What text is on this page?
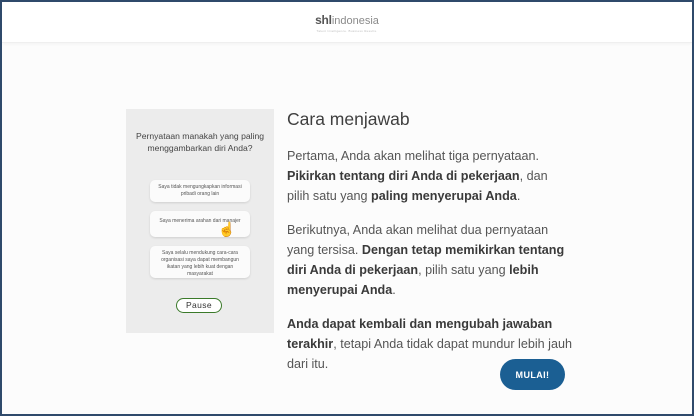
shlindonesia
Talent Intelligence. Business Results.
Pernyataan manakah yang paling menggambarkan diri Anda?
Saya tidak mengungkapkan informasi pribadi orang lain
Saya menerima arahan dari manajer
Saya selalu mendukung cara-cara organisasi saya dapat membangun ikatan yang lebih kuat dengan masyarakat
☝
Pause
Cara menjawab

Pertama, Anda akan melihat tiga pernyataan. Pikirkan tentang diri Anda di pekerjaan, dan pilih satu yang paling menyerupai Anda.

Berikutnya, Anda akan melihat dua pernyataan yang tersisa. Dengan tetap memikirkan tentang diri Anda di pekerjaan, pilih satu yang lebih menyerupai Anda.

Anda dapat kembali dan mengubah jawaban terakhir, tetapi Anda tidak dapat mundur lebih jauh dari itu.

MULAI!
